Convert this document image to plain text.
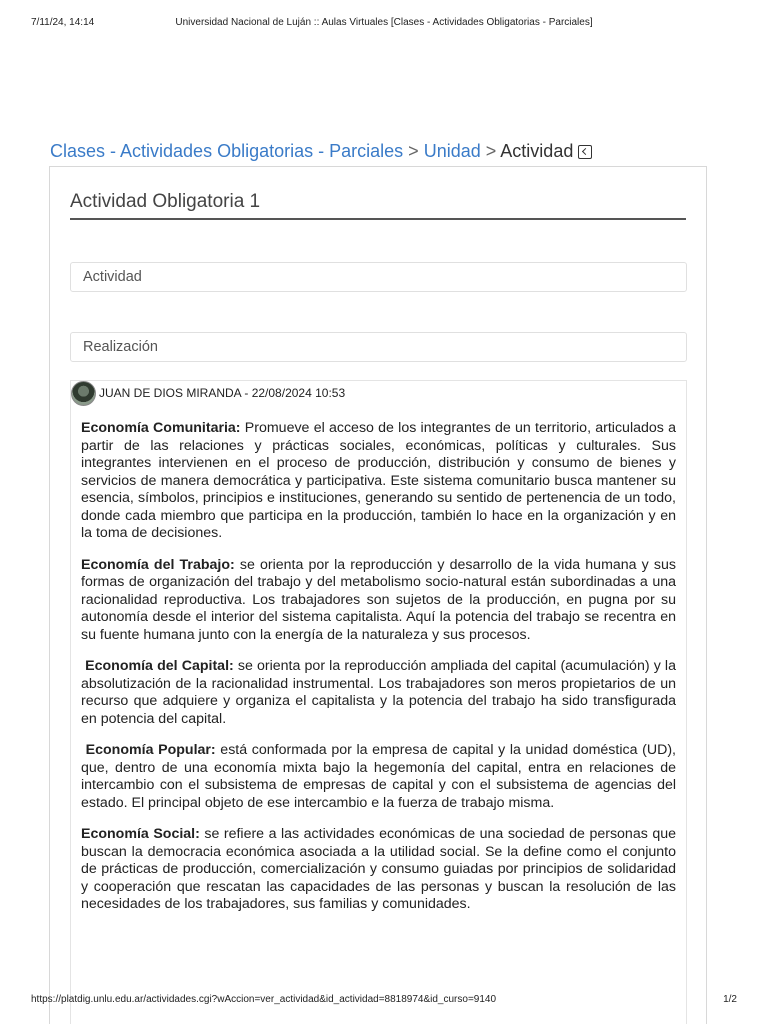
7/11/24, 14:14	Universidad Nacional de Luján :: Aulas Virtuales [Clases - Actividades Obligatorias - Parciales]
Clases - Actividades Obligatorias - Parciales > Unidad > Actividad
Actividad Obligatoria 1
Actividad
Realización
JUAN DE DIOS MIRANDA - 22/08/2024 10:53

Economía Comunitaria: Promueve el acceso de los integrantes de un territorio, articulados a partir de las relaciones y prácticas sociales, económicas, políticas y culturales. Sus integrantes intervienen en el proceso de producción, distribución y consumo de bienes y servicios de manera democrática y participativa. Este sistema comunitario busca mantener su esencia, símbolos, principios e instituciones, generando su sentido de pertenencia de un todo, donde cada miembro que participa en la producción, también lo hace en la organización y en la toma de decisiones.

Economía del Trabajo: se orienta por la reproducción y desarrollo de la vida humana y sus formas de organización del trabajo y del metabolismo socio-natural están subordinadas a una racionalidad reproductiva. Los trabajadores son sujetos de la producción, en pugna por su autonomía desde el interior del sistema capitalista. Aquí la potencia del trabajo se recentra en su fuente humana junto con la energía de la naturaleza y sus procesos.

Economía del Capital: se orienta por la reproducción ampliada del capital (acumulación) y la absolutización de la racionalidad instrumental. Los trabajadores son meros propietarios de un recurso que adquiere y organiza el capitalista y la potencia del trabajo ha sido transfigurada en potencia del capital.

Economía Popular: está conformada por la empresa de capital y la unidad doméstica (UD), que, dentro de una economía mixta bajo la hegemonía del capital, entra en relaciones de intercambio con el subsistema de empresas de capital y con el subsistema de agencias del estado. El principal objeto de ese intercambio e la fuerza de trabajo misma.

Economía Social: se refiere a las actividades económicas de una sociedad de personas que buscan la democracia económica asociada a la utilidad social. Se la define como el conjunto de prácticas de producción, comercialización y consumo guiadas por principios de solidaridad y cooperación que rescatan las capacidades de las personas y buscan la resolución de las necesidades de los trabajadores, sus familias y comunidades.

https://platdig.unlu.edu.ar/actividades.cgi?wAccion=ver_actividad&id_actividad=8818974&id_curso=9140	1/2
